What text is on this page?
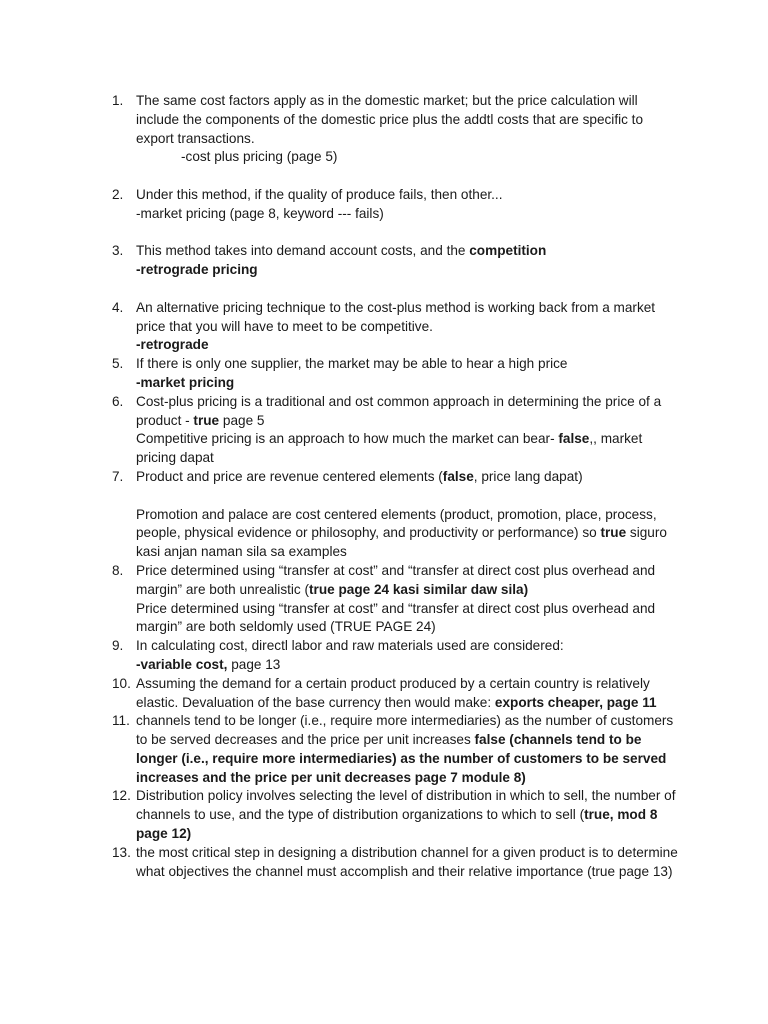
1. The same cost factors apply as in the domestic market; but the price calculation will include the components of the domestic price plus the addtl costs that are specific to export transactions.
-cost plus pricing (page 5)
2. Under this method, if the quality of produce fails, then other...
-market pricing (page 8, keyword --- fails)
3. This method takes into demand account costs, and the competition
-retrograde pricing
4. An alternative pricing technique to the cost-plus method is working back from a market price that you will have to meet to be competitive.
-retrograde
5. If there is only one supplier, the market may be able to hear a high price
-market pricing
6. Cost-plus pricing is a traditional and ost common approach in determining the price of a product - true page 5
Competitive pricing is an approach to how much the market can bear- false,, market pricing dapat
7. Product and price are revenue centered elements (false, price lang dapat)
Promotion and palace are cost centered elements (product, promotion, place, process, people, physical evidence or philosophy, and productivity or performance) so true siguro kasi anjan naman sila sa examples
8. Price determined using “transfer at cost” and “transfer at direct cost plus overhead and margin” are both unrealistic (true page 24 kasi similar daw sila)
Price determined using “transfer at cost” and “transfer at direct cost plus overhead and margin” are both seldomly used (TRUE PAGE 24)
9. In calculating cost, directl labor and raw materials used are considered:
-variable cost, page 13
10. Assuming the demand for a certain product produced by a certain country is relatively elastic. Devaluation of the base currency then would make: exports cheaper, page 11
11. channels tend to be longer (i.e., require more intermediaries) as the number of customers to be served decreases and the price per unit increases false (channels tend to be longer (i.e., require more intermediaries) as the number of customers to be served increases and the price per unit decreases page 7 module 8)
12. Distribution policy involves selecting the level of distribution in which to sell, the number of channels to use, and the type of distribution organizations to which to sell (true, mod 8 page 12)
13. the most critical step in designing a distribution channel for a given product is to determine what objectives the channel must accomplish and their relative importance (true page 13)
